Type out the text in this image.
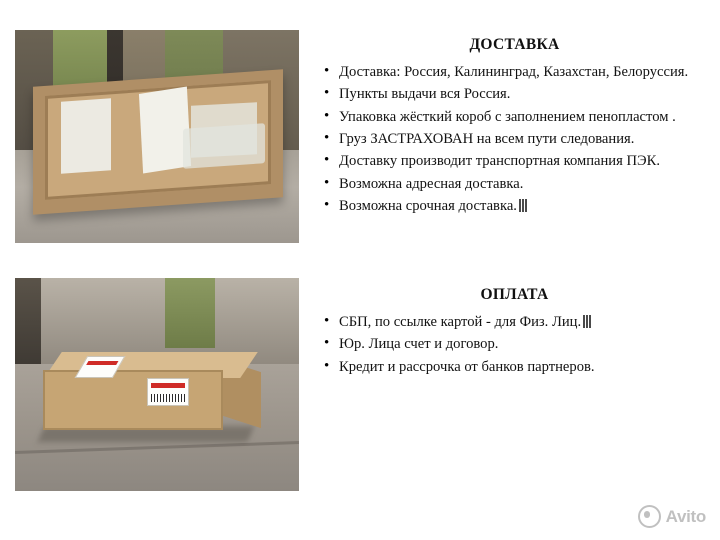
ДОСТАВКА
• Доставка: Россия, Калининград, Казахстан, Белоруссия.
• Пункты выдачи вся Россия.
• Упаковка жёсткий короб с заполнением пенопластом .
• Груз ЗАСТРАХОВАН на всем пути следования.
• Доставку производит транспортная компания ПЭК.
• Возможна адресная доставка.
• Возможна срочная доставка.
ОПЛАТА
• СБП, по ссылке картой - для Физ. Лиц.
• Юр. Лица счет и договор.
• Кредит и рассрочка от банков партнеров.
Avito
